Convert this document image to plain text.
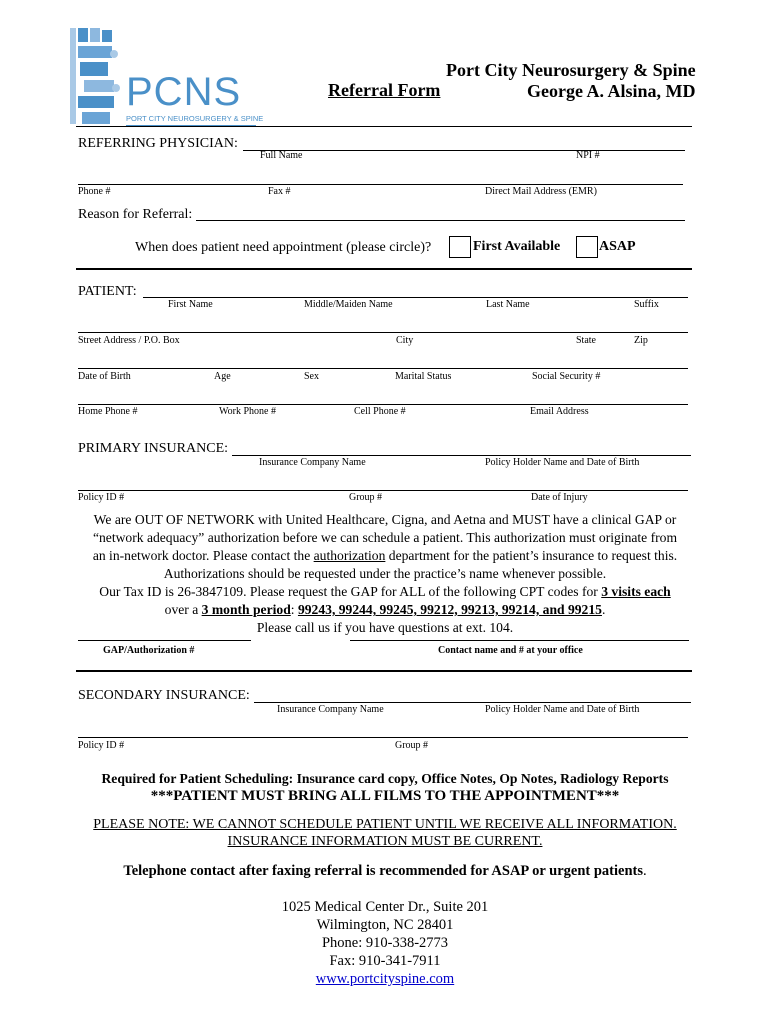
PCNS
PORT CITY NEUROSURGERY & SPINE
Referral Form
Port City Neurosurgery & Spine
George A. Alsina, MD
REFERRING PHYSICIAN:
Full Name	NPI #
Phone #	Fax #	Direct Mail Address (EMR)
Reason for Referral:
When does patient need appointment (please circle)?	First Available	ASAP
PATIENT:
First Name	Middle/Maiden Name	Last Name	Suffix
Street Address / P.O. Box	City	State	Zip
Date of Birth	Age	Sex	Marital Status	Social Security #
Home Phone #	Work Phone #	Cell Phone #	Email Address
PRIMARY INSURANCE:
Insurance Company Name	Policy Holder Name and Date of Birth
Policy ID #	Group #	Date of Injury
We are OUT OF NETWORK with United Healthcare, Cigna, and Aetna and MUST have a clinical GAP or
“network adequacy” authorization before we can schedule a patient. This authorization must originate from
an in-network doctor. Please contact the authorization department for the patient’s insurance to request this.
Authorizations should be requested under the practice’s name whenever possible.
Our Tax ID is 26-3847109. Please request the GAP for ALL of the following CPT codes for 3 visits each
over a 3 month period: 99243, 99244, 99245, 99212, 99213, 99214, and 99215.
Please call us if you have questions at ext. 104.
GAP/Authorization #	Contact name and # at your office
SECONDARY INSURANCE:
Insurance Company Name	Policy Holder Name and Date of Birth
Policy ID #	Group #
Required for Patient Scheduling: Insurance card copy, Office Notes, Op Notes, Radiology Reports
***PATIENT MUST BRING ALL FILMS TO THE APPOINTMENT***
PLEASE NOTE: WE CANNOT SCHEDULE PATIENT UNTIL WE RECEIVE ALL INFORMATION.
INSURANCE INFORMATION MUST BE CURRENT.
Telephone contact after faxing referral is recommended for ASAP or urgent patients.
1025 Medical Center Dr., Suite 201
Wilmington, NC 28401
Phone: 910-338-2773
Fax: 910-341-7911
www.portcityspine.com
